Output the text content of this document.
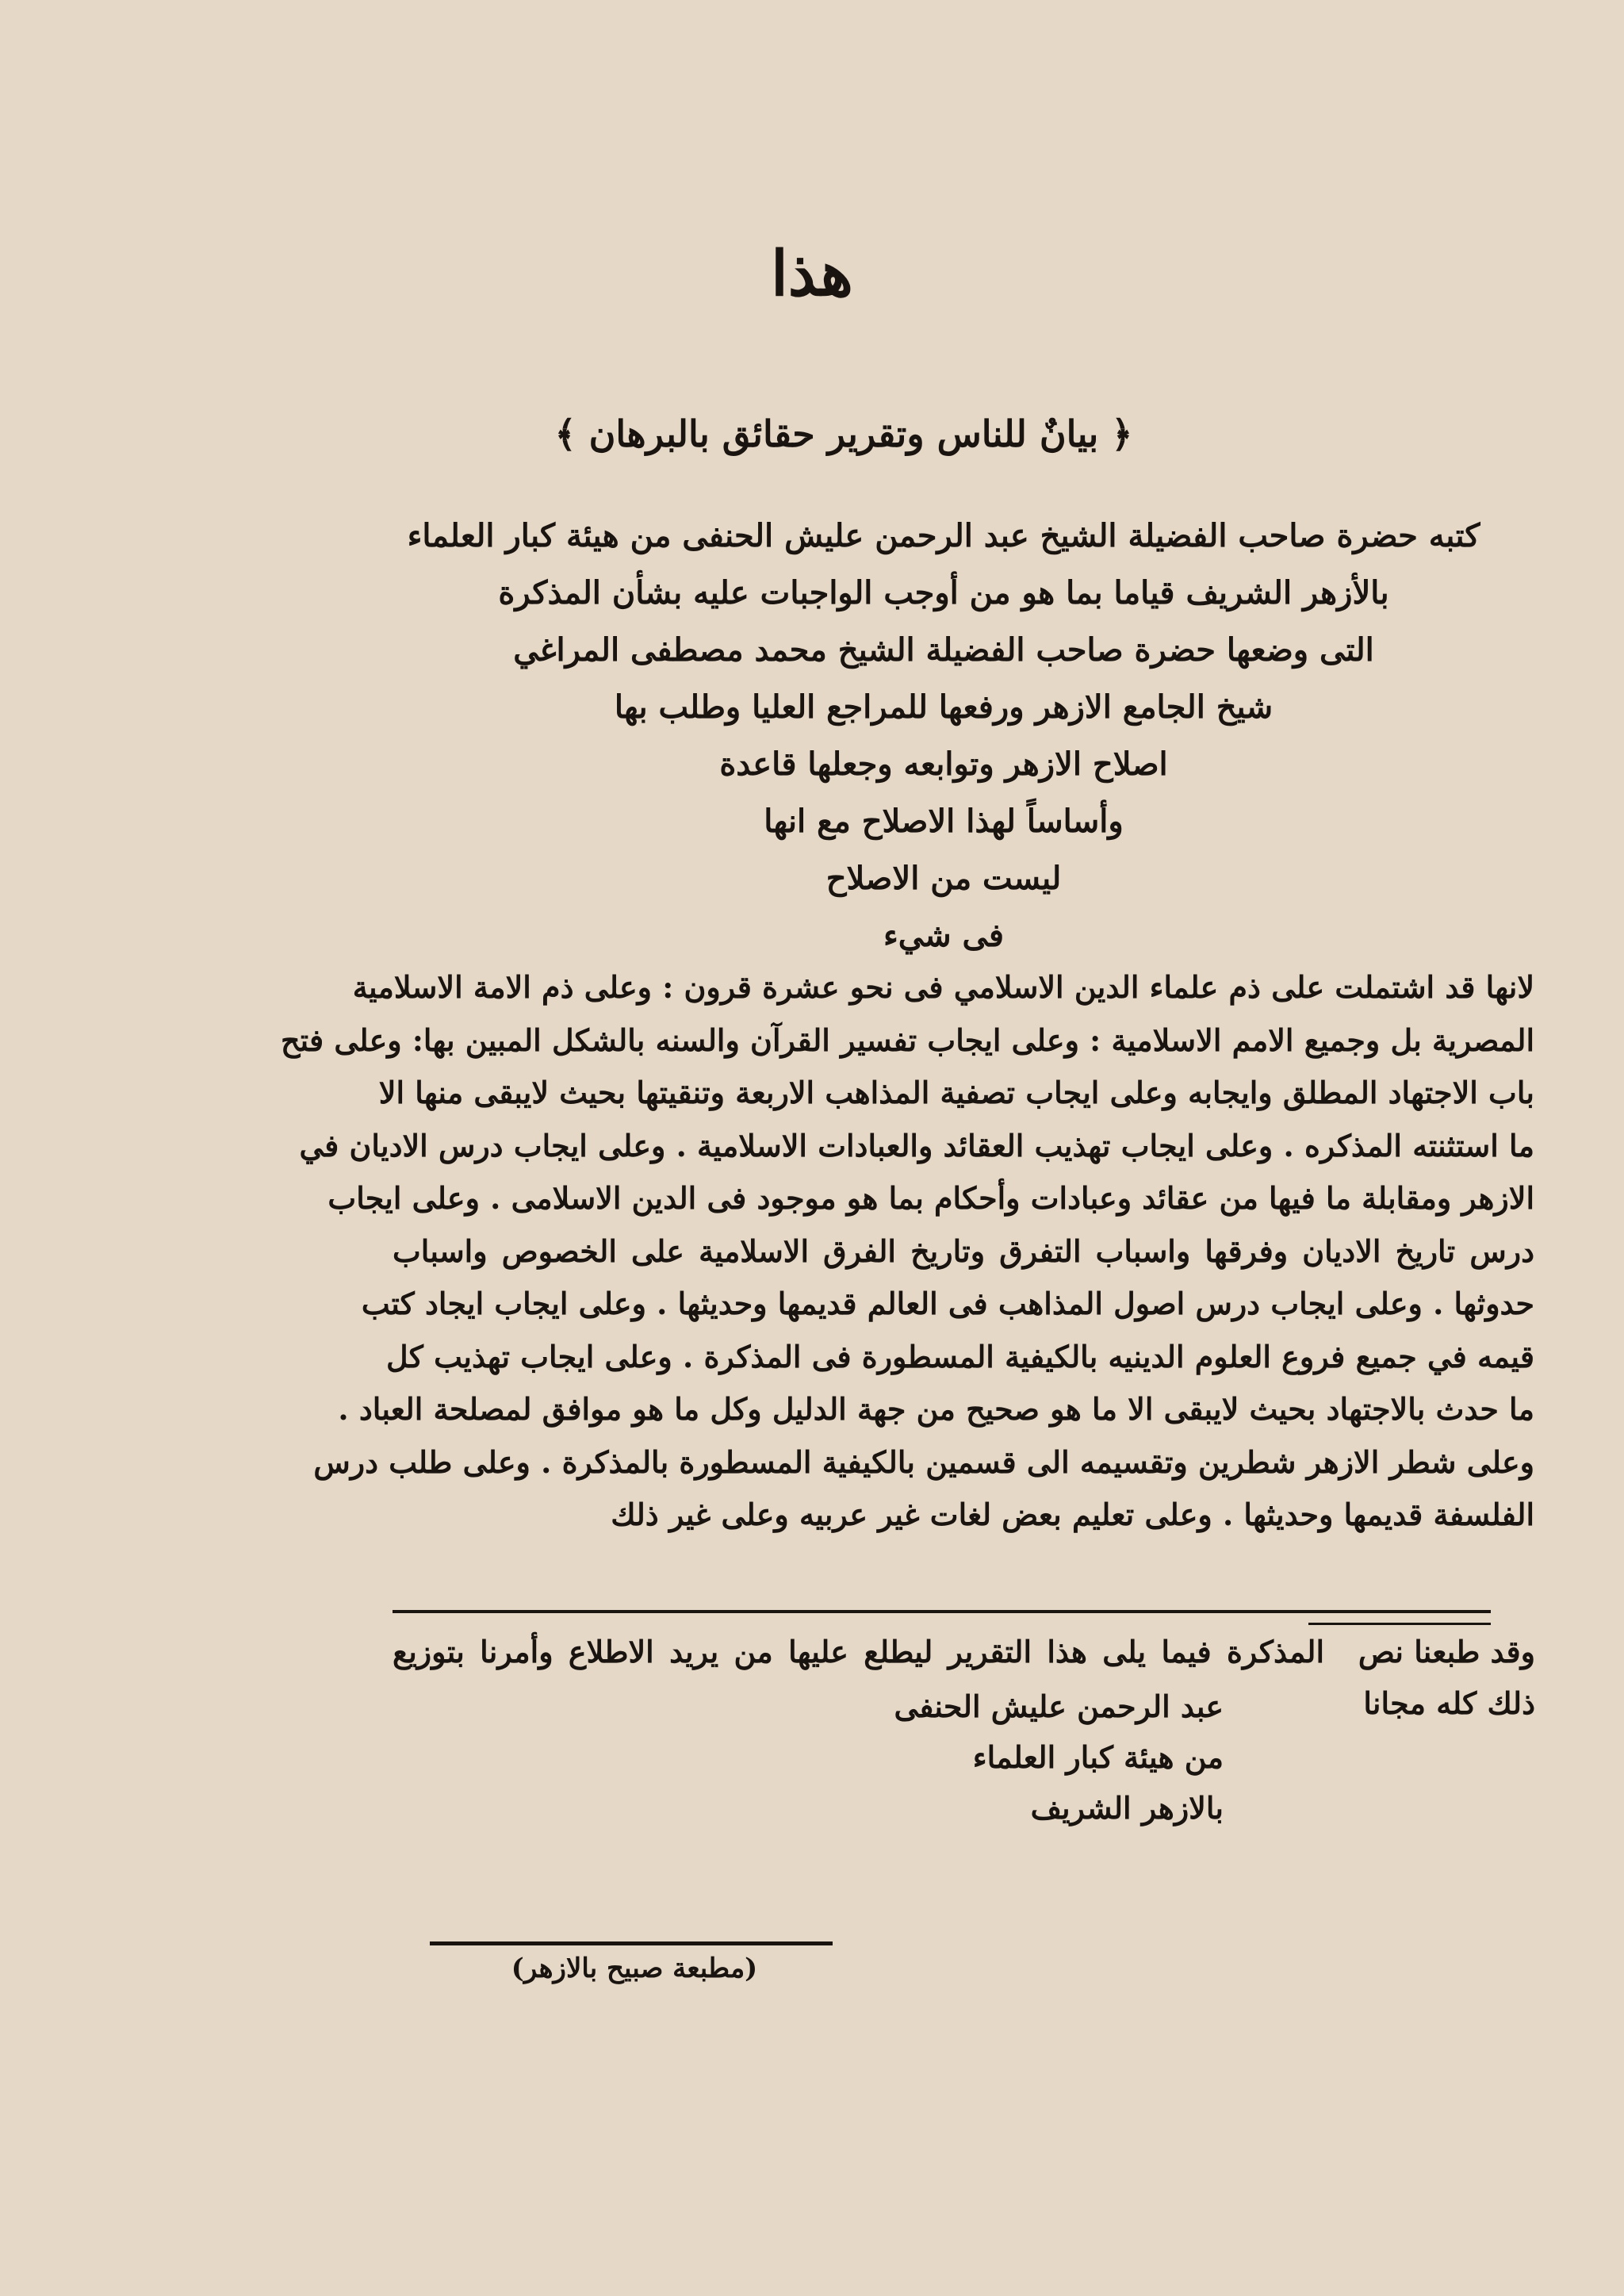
هذا
﴿ بيانٌ للناس وتقرير حقائق بالبرهان ﴾
كتبه حضرة صاحب الفضيلة الشيخ عبد الرحمن عليش الحنفى من هيئة كبار العلماء
بالأزهر الشريف قياما بما هو من أوجب الواجبات عليه بشأن المذكرة
التى وضعها حضرة صاحب الفضيلة الشيخ محمد مصطفى المراغي
شيخ الجامع الازهر ورفعها للمراجع العليا وطلب بها
اصلاح الازهر وتوابعه وجعلها قاعدة
وأساساً لهذا الاصلاح مع انها
ليست من الاصلاح
فى شيء
لانها قد اشتملت على ذم علماء الدين الاسلامي فى نحو عشرة قرون : وعلى ذم الامة الاسلامية
المصرية بل وجميع الامم الاسلامية : وعلى ايجاب تفسير القرآن والسنه بالشكل المبين بها: وعلى فتح
باب الاجتهاد المطلق وايجابه وعلى ايجاب تصفية المذاهب الاربعة وتنقيتها بحيث لايبقى منها الا
ما استثنته المذكره . وعلى ايجاب تهذيب العقائد والعبادات الاسلامية . وعلى ايجاب درس الاديان في
الازهر ومقابلة ما فيها من عقائد وعبادات وأحكام بما هو موجود فى الدين الاسلامى . وعلى ايجاب
درس تاريخ الاديان وفرقها واسباب التفرق وتاريخ الفرق الاسلامية على الخصوص واسباب
حدوثها . وعلى ايجاب درس اصول المذاهب فى العالم قديمها وحديثها . وعلى ايجاب ايجاد كتب
قيمه في جميع فروع العلوم الدينيه بالكيفية المسطورة فى المذكرة . وعلى ايجاب تهذيب كل
ما حدث بالاجتهاد بحيث لايبقى الا ما هو صحيح من جهة الدليل وكل ما هو موافق لمصلحة العباد .
وعلى شطر الازهر شطرين وتقسيمه الى قسمين بالكيفية المسطورة بالمذكرة . وعلى طلب درس
الفلسفة قديمها وحديثها . وعلى تعليم بعض لغات غير عربيه وعلى غير ذلك
وقد طبعنا نص
المذكرة فيما يلى هذا التقرير ليطلع عليها من يريد الاطلاع وأمرنا بتوزيع
ذلك كله مجانا
عبد الرحمن عليش الحنفى
من هيئة كبار العلماء
بالازهر الشريف
(مطبعة صبيح بالازهر)
